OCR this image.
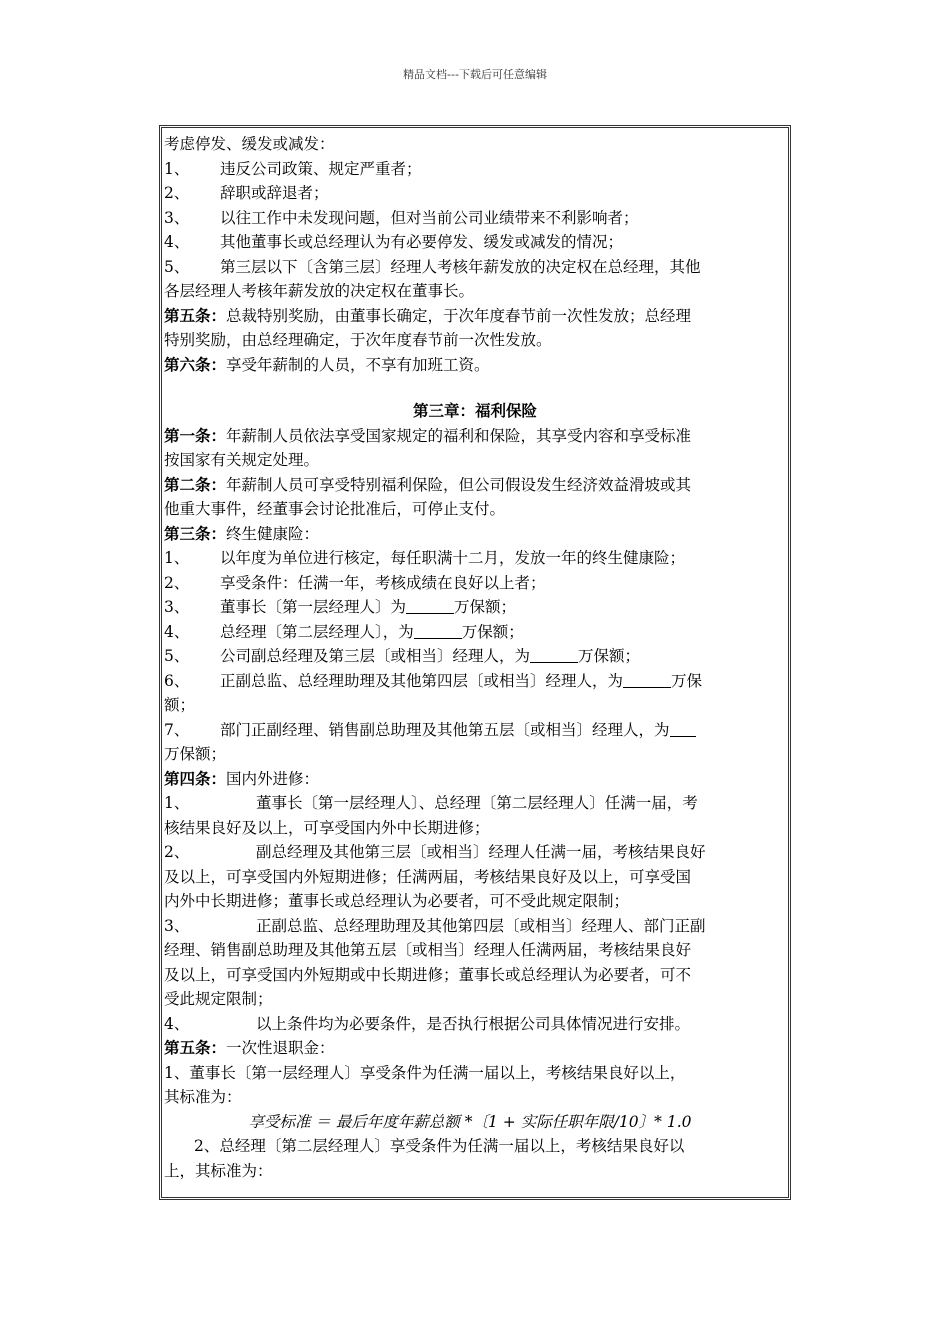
精品文档---下载后可任意编辑
考虑停发、缓发或减发：
1、 违反公司政策、规定严重者；
2、 辞职或辞退者；
3、 以往工作中未发现问题，但对当前公司业绩带来不利影响者；
4、 其他董事长或总经理认为有必要停发、缓发或减发的情况；
5、 第三层以下〔含第三层〕经理人考核年薪发放的决定权在总经理，其他
各层经理人考核年薪发放的决定权在董事长。
第五条：总裁特别奖励，由董事长确定，于次年度春节前一次性发放；总经理
特别奖励，由总经理确定，于次年度春节前一次性发放。
第六条：享受年薪制的人员，不享有加班工资。
第三章：福利保险
第一条：年薪制人员依法享受国家规定的福利和保险，其享受内容和享受标准
按国家有关规定处理。
第二条：年薪制人员可享受特别福利保险，但公司假设发生经济效益滑坡或其
他重大事件，经董事会讨论批准后，可停止支付。
第三条：终生健康险：
1、 以年度为单位进行核定，每任职满十二月，发放一年的终生健康险；
2、 享受条件：任满一年，考核成绩在良好以上者；
3、 董事长〔第一层经理人〕为	万保额；
4、 总经理〔第二层经理人〕，为	万保额；
5、 公司副总经理及第三层〔或相当〕经理人，为	万保额；
6、 正副总监、总经理助理及其他第四层〔或相当〕经理人，为	万保
额；
7、 部门正副经理、销售副总助理及其他第五层〔或相当〕经理人，为
万保额；
第四条：国内外进修：
1、	董事长〔第一层经理人〕、总经理〔第二层经理人〕任满一届，考
核结果良好及以上，可享受国内外中长期进修；
2、	副总经理及其他第三层〔或相当〕经理人任满一届，考核结果良好
及以上，可享受国内外短期进修；任满两届，考核结果良好及以上，可享受国
内外中长期进修；董事长或总经理认为必要者，可不受此规定限制；
3、	正副总监、总经理助理及其他第四层〔或相当〕经理人、部门正副
经理、销售副总助理及其他第五层〔或相当〕经理人任满两届，考核结果良好
及以上，可享受国内外短期或中长期进修；董事长或总经理认为必要者，可不
受此规定限制；
4、	以上条件均为必要条件，是否执行根据公司具体情况进行安排。
第五条：一次性退职金：
1、董事长〔第一层经理人〕享受条件为任满一届以上，考核结果良好以上，
其标准为：
享受标准 ＝ 最后年度年薪总额 *〔1 + 实际任职年限/10〕* 1.0
2、总经理〔第二层经理人〕享受条件为任满一届以上，考核结果良好以
上，其标准为：
